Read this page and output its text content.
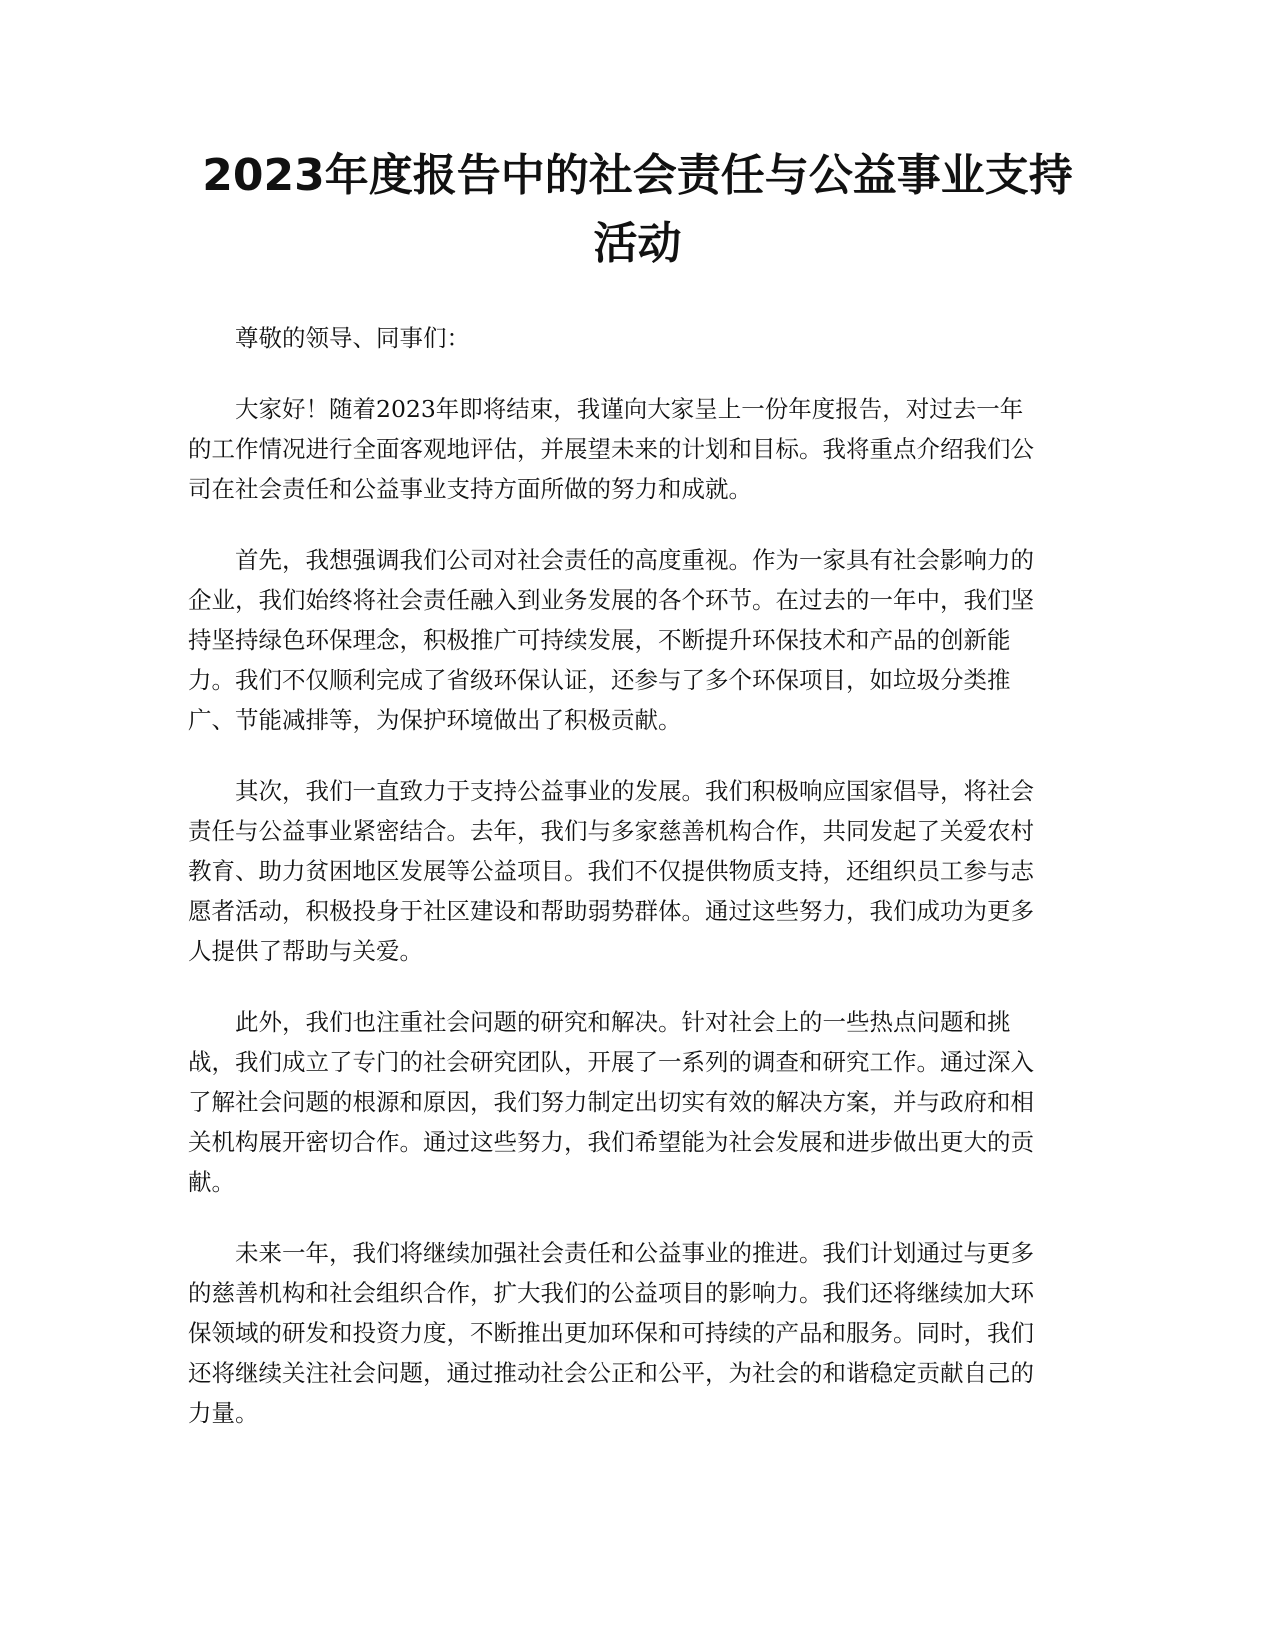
2023年度报告中的社会责任与公益事业支持
活动

尊敬的领导、同事们：

大家好！随着2023年即将结束，我谨向大家呈上一份年度报告，对过去一年
的工作情况进行全面客观地评估，并展望未来的计划和目标。我将重点介绍我们公
司在社会责任和公益事业支持方面所做的努力和成就。

首先，我想强调我们公司对社会责任的高度重视。作为一家具有社会影响力的
企业，我们始终将社会责任融入到业务发展的各个环节。在过去的一年中，我们坚
持坚持绿色环保理念，积极推广可持续发展，不断提升环保技术和产品的创新能
力。我们不仅顺利完成了省级环保认证，还参与了多个环保项目，如垃圾分类推
广、节能减排等，为保护环境做出了积极贡献。

其次，我们一直致力于支持公益事业的发展。我们积极响应国家倡导，将社会
责任与公益事业紧密结合。去年，我们与多家慈善机构合作，共同发起了关爱农村
教育、助力贫困地区发展等公益项目。我们不仅提供物质支持，还组织员工参与志
愿者活动，积极投身于社区建设和帮助弱势群体。通过这些努力，我们成功为更多
人提供了帮助与关爱。

此外，我们也注重社会问题的研究和解决。针对社会上的一些热点问题和挑
战，我们成立了专门的社会研究团队，开展了一系列的调查和研究工作。通过深入
了解社会问题的根源和原因，我们努力制定出切实有效的解决方案，并与政府和相
关机构展开密切合作。通过这些努力，我们希望能为社会发展和进步做出更大的贡
献。

未来一年，我们将继续加强社会责任和公益事业的推进。我们计划通过与更多
的慈善机构和社会组织合作，扩大我们的公益项目的影响力。我们还将继续加大环
保领域的研发和投资力度，不断推出更加环保和可持续的产品和服务。同时，我们
还将继续关注社会问题，通过推动社会公正和公平，为社会的和谐稳定贡献自己的
力量。
